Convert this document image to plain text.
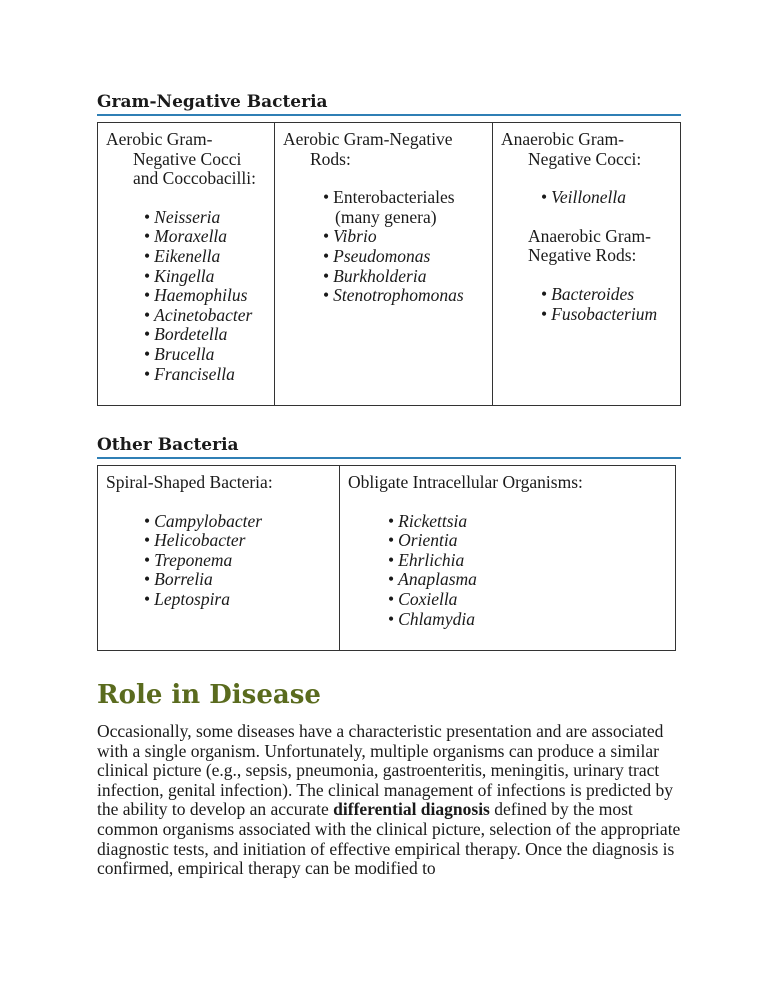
Gram-Negative Bacteria
Aerobic Gram-Negative Cocci and Coccobacilli:
• Neisseria
• Moraxella
• Eikenella
• Kingella
• Haemophilus
• Acinetobacter
• Bordetella
• Brucella
• Francisella

Aerobic Gram-Negative Rods:
• Enterobacteriales (many genera)
• Vibrio
• Pseudomonas
• Burkholderia
• Stenotrophomonas

Anaerobic Gram-Negative Cocci:
• Veillonella
Anaerobic Gram-Negative Rods:
• Bacteroides
• Fusobacterium
Other Bacteria
Spiral-Shaped Bacteria:
• Campylobacter
• Helicobacter
• Treponema
• Borrelia
• Leptospira

Obligate Intracellular Organisms:
• Rickettsia
• Orientia
• Ehrlichia
• Anaplasma
• Coxiella
• Chlamydia
Role in Disease

Occasionally, some diseases have a characteristic presentation and are associated with a single organism. Unfortunately, multiple organisms can produce a similar clinical picture (e.g., sepsis, pneumonia, gastroenteritis, meningitis, urinary tract infection, genital infection). The clinical management of infections is predicted by the ability to develop an accurate differential diagnosis defined by the most common organisms associated with the clinical picture, selection of the appropriate diagnostic tests, and initiation of effective empirical therapy. Once the diagnosis is confirmed, empirical therapy can be modified to
